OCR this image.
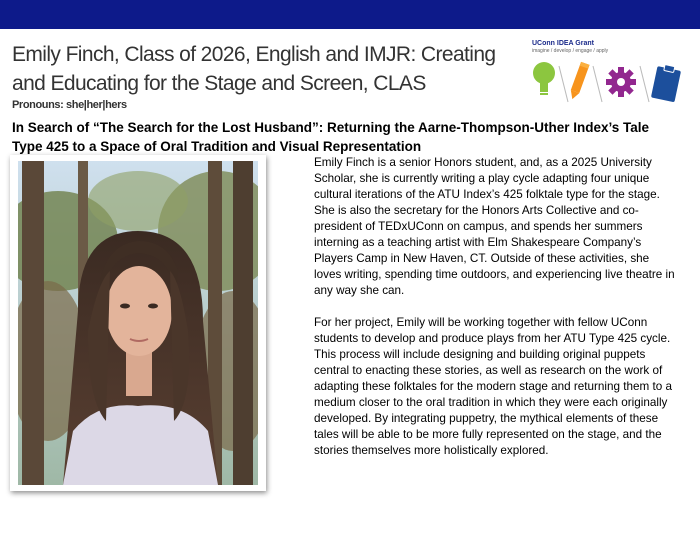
Emily Finch, Class of 2026, English and IMJR: Creating and Educating for the Stage and Screen, CLAS
Pronouns: she|her|hers
In Search of “The Search for the Lost Husband”: Returning the Aarne-Thompson-Uther Index’s Tale Type 425 to a Space of Oral Tradition and Visual Representation
UConn IDEA Grant
imagine / develop / engage / apply

Emily Finch is a senior Honors student, and, as a 2025 University Scholar, she is currently writing a play cycle adapting four unique cultural iterations of the ATU Index’s 425 folktale type for the stage. She is also the secretary for the Honors Arts Collective and co-president of TEDxUConn on campus, and spends her summers interning as a teaching artist with Elm Shakespeare Company’s Players Camp in New Haven, CT. Outside of these activities, she loves writing, spending time outdoors, and experiencing live theatre in any way she can.

For her project, Emily will be working together with fellow UConn students to develop and produce plays from her ATU Type 425 cycle. This process will include designing and building original puppets central to enacting these stories, as well as research on the work of adapting these folktales for the modern stage and returning them to a medium closer to the oral tradition in which they were each originally developed. By integrating puppetry, the mythical elements of these tales will be able to be more fully represented on the stage, and the stories themselves more holistically explored.
